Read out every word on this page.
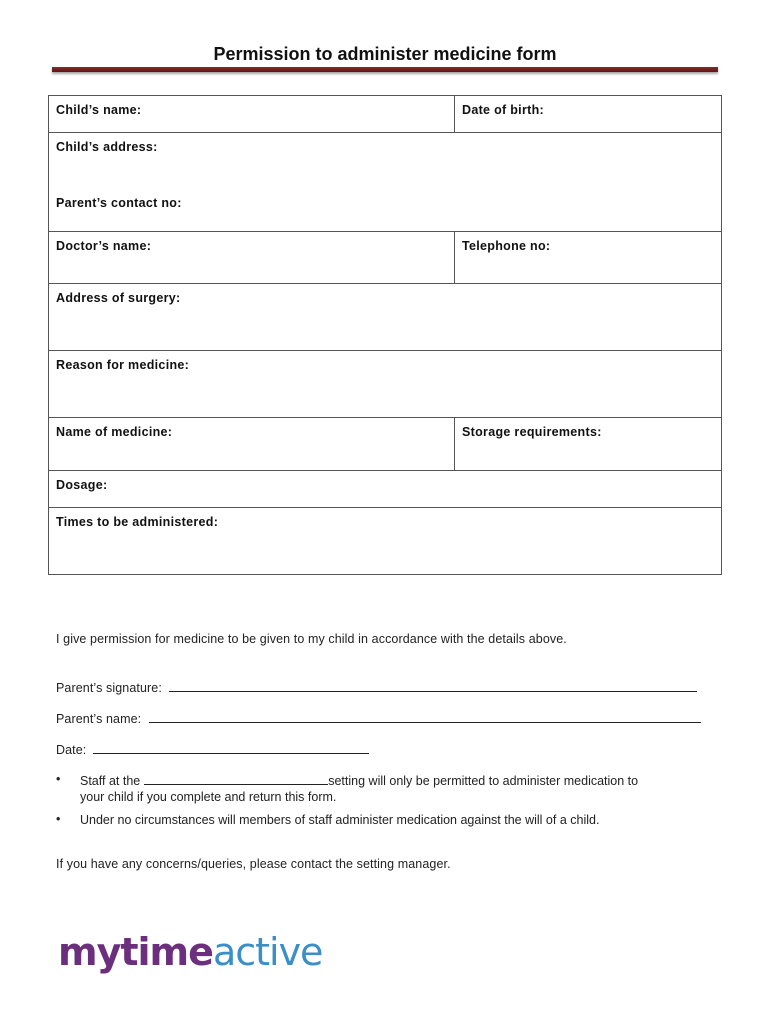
Permission to administer medicine form
Child’s name:	Date of birth:

Child’s address:
Parent’s contact no:	

Doctor’s name:	Telephone no:

Address of surgery:	

Reason for medicine:	

Name of medicine:	Storage requirements:

Dosage:	

Times to be administered:	
I give permission for medicine to be given to my child in accordance with the details above.
Parent’s signature:
Parent’s name:
Date:
• Staff at the	setting will only be permitted to administer medication to
your child if you complete and return this form.
• Under no circumstances will members of staff administer medication against the will of a child.
If you have any concerns/queries, please contact the setting manager.
mytimeactive
